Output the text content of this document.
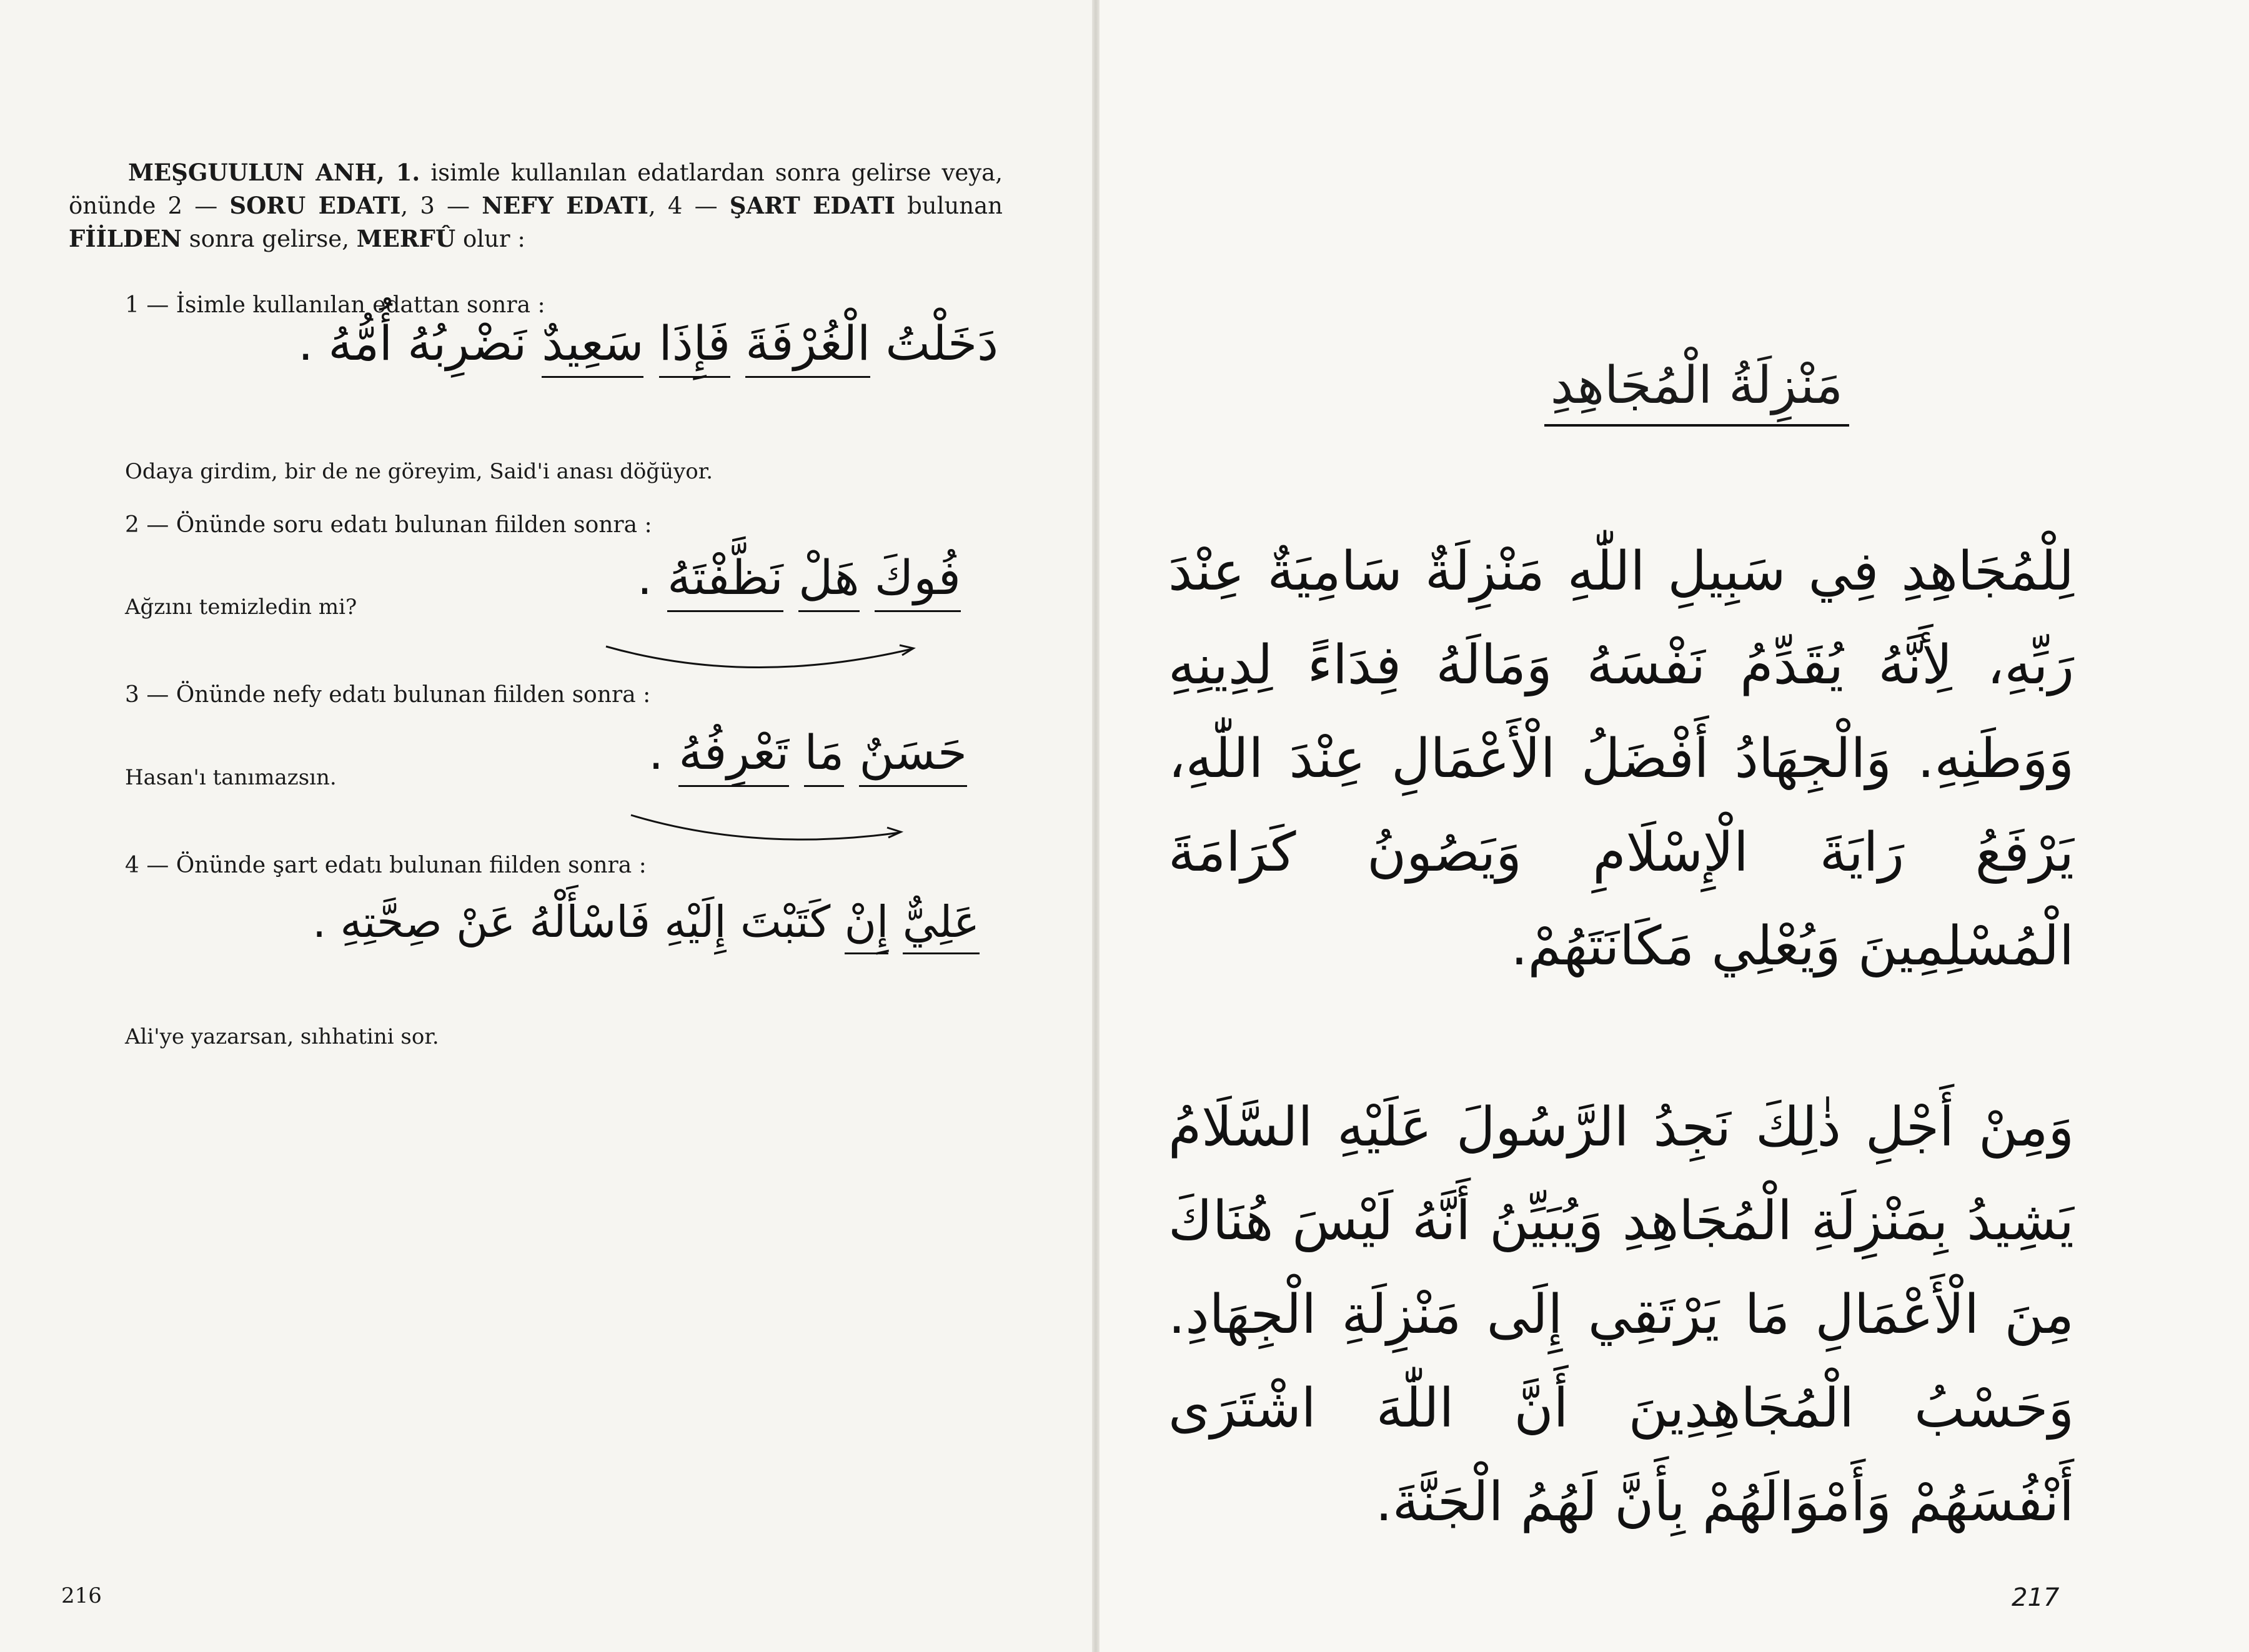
MEŞGUULUN ANH, 1. isimle kullanılan edatlardan sonra gelirse veya, önünde 2 — SORU EDATI, 3 — NEFY EDATI, 4 — ŞART EDATI bulunan FİİLDEN sonra gelirse, MERFÛ olur :

1 — İsimle kullanılan edattan sonra :
دَخَلْتُ الْغُرْفَةَ فَإِذَا سَعِيدٌ نَضْرِبُهُ أُمُّهُ .
Odaya girdim, bir de ne göreyim, Said'i anası döğüyor.
2 — Önünde soru edatı bulunan fiilden sonra :
Ağzını temizledin mi?
فُوكَ هَلْ نَظَّفْتَهُ .
3 — Önünde nefy edatı bulunan fiilden sonra :
Hasan'ı tanımazsın.	حَسَنٌ مَا تَعْرِفُهُ .
4 — Önünde şart edatı bulunan fiilden sonra :
عَلِيٌّ إِنْ كَتَبْتَ إِلَيْهِ فَاسْأَلْهُ عَنْ صِحَّتِهِ .
Ali'ye yazarsan, sıhhatini sor.
216
مَنْزِلَةُ الْمُجَاهِدِ

لِلْمُجَاهِدِ فِي سَبِيلِ اللّٰهِ مَنْزِلَةٌ سَامِيَةٌ عِنْدَ رَبِّهِ، لِأَنَّهُ يُقَدِّمُ نَفْسَهُ وَمَالَهُ فِدَاءً لِدِينِهِ وَوَطَنِهِ. وَالْجِهَادُ أَفْضَلُ الْأَعْمَالِ عِنْدَ اللّٰهِ، يَرْفَعُ رَايَةَ الْإِسْلَامِ وَيَصُونُ كَرَامَةَ الْمُسْلِمِينَ وَيُعْلِي مَكَانَتَهُمْ.

وَمِنْ أَجْلِ ذٰلِكَ نَجِدُ الرَّسُولَ عَلَيْهِ السَّلَامُ يَشِيدُ بِمَنْزِلَةِ الْمُجَاهِدِ وَيُبَيِّنُ أَنَّهُ لَيْسَ هُنَاكَ مِنَ الْأَعْمَالِ مَا يَرْتَقِي إِلَى مَنْزِلَةِ الْجِهَادِ. وَحَسْبُ الْمُجَاهِدِينَ أَنَّ اللّٰهَ اشْتَرَى أَنْفُسَهُمْ وَأَمْوَالَهُمْ بِأَنَّ لَهُمُ الْجَنَّةَ.

217
